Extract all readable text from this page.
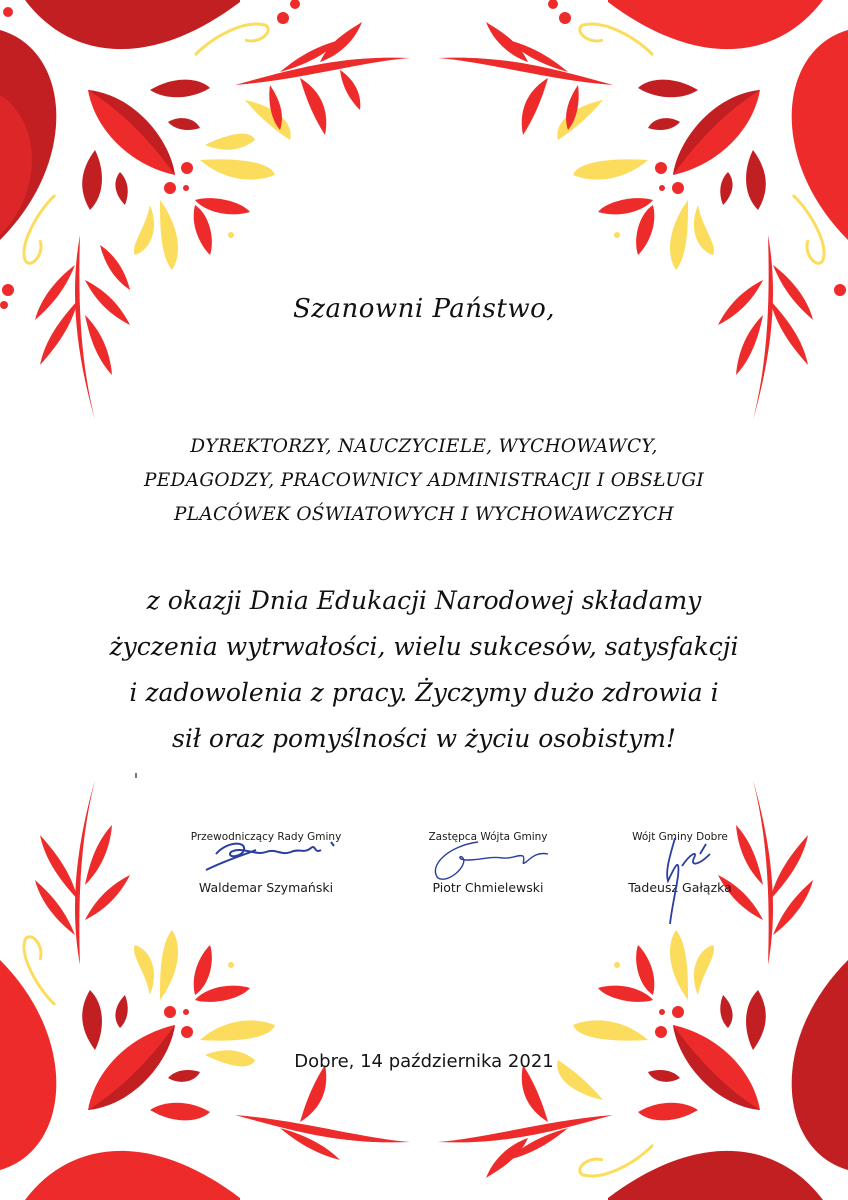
Szanowni Państwo,
DYREKTORZY, NAUCZYCIELE, WYCHOWAWCY,
PEDAGODZY, PRACOWNICY ADMINISTRACJI I OBSŁUGI
PLACÓWEK OŚWIATOWYCH I WYCHOWAWCZYCH
z okazji Dnia Edukacji Narodowej składamy
życzenia wytrwałości, wielu sukcesów, satysfakcji
i zadowolenia z pracy. Życzymy dużo zdrowia i
sił oraz pomyślności w życiu osobistym!
Przewodniczący Rady Gminy
Waldemar Szymański
Zastępca Wójta Gminy
Piotr Chmielewski
Wójt Gminy Dobre
Tadeusz Gałązka
Dobre, 14 października 2021
